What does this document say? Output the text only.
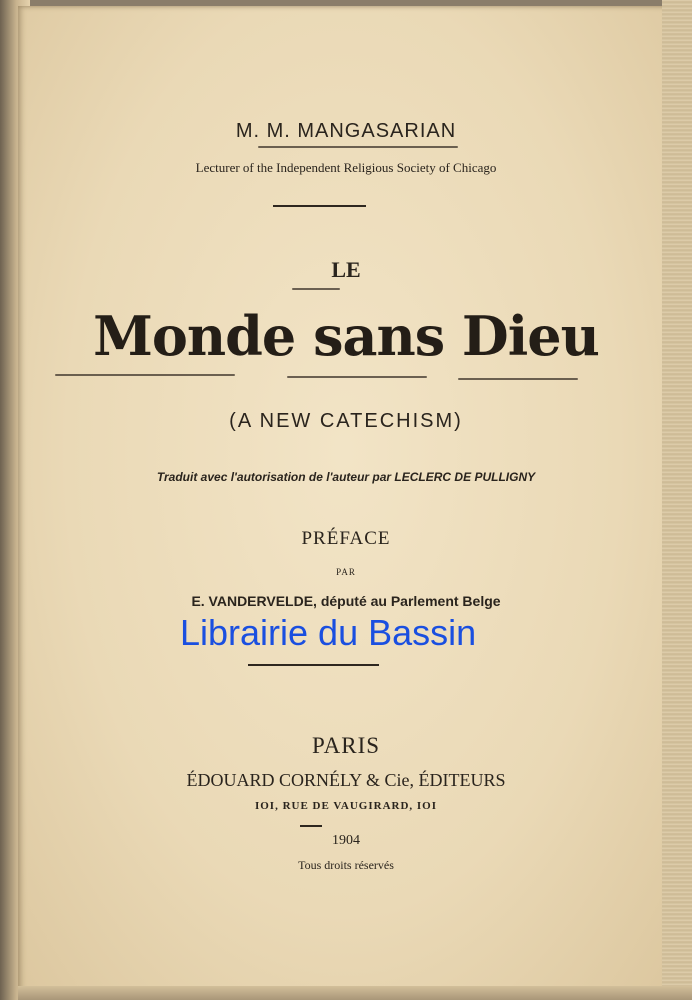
M. M. MANGASARIAN
Lecturer of the Independent Religious Society of Chicago
LE
Monde sans Dieu
(A NEW CATECHISM)
Traduit avec l'autorisation de l'auteur par LECLERC DE PULLIGNY
PRÉFACE
PAR
E. VANDERVELDE, député au Parlement Belge
Librairie du Bassin
PARIS
ÉDOUARD CORNÉLY & Cie, ÉDITEURS
IOI, RUE DE VAUGIRARD, IOI
1904
Tous droits réservés
